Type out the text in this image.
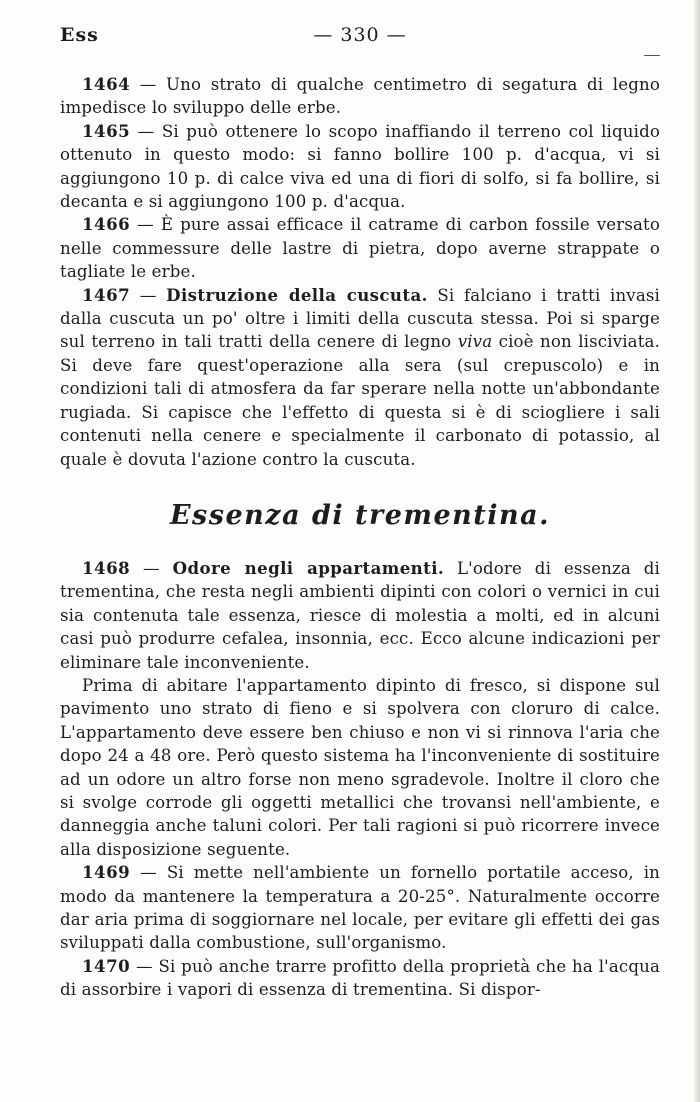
— 330 —
Ess

1464 — Uno strato di qualche centimetro di segatura di legno impedisce lo sviluppo delle erbe.

1465 — Si può ottenere lo scopo inaffiando il terreno col liquido ottenuto in questo modo: si fanno bollire 100 p. d'acqua, vi si aggiungono 10 p. di calce viva ed una di fiori di solfo, si fa bollire, si decanta e si aggiungono 100 p. d'acqua.

1466 — È pure assai efficace il catrame di carbon fossile versato nelle commessure delle lastre di pietra, dopo averne strappate o tagliate le erbe.

1467 — Distruzione della cuscuta. Si falciano i tratti invasi dalla cuscuta un po' oltre i limiti della cuscuta stessa. Poi si sparge sul terreno in tali tratti della cenere di legno viva cioè non lisciviata. Si deve fare quest'operazione alla sera (sul crepuscolo) e in condizioni tali di atmosfera da far sperare nella notte un'abbondante rugiada. Si capisce che l'effetto di questa si è di sciogliere i sali contenuti nella cenere e specialmente il carbonato di potassio, al quale è dovuta l'azione contro la cuscuta.

Essenza di trementina.

1468 — Odore negli appartamenti. L'odore di essenza di trementina, che resta negli ambienti dipinti con colori o vernici in cui sia contenuta tale essenza, riesce di molestia a molti, ed in alcuni casi può produrre cefalea, insonnia, ecc. Ecco alcune indicazioni per eliminare tale inconveniente.

Prima di abitare l'appartamento dipinto di fresco, si dispone sul pavimento uno strato di fieno e si spolvera con cloruro di calce. L'appartamento deve essere ben chiuso e non vi si rinnova l'aria che dopo 24 a 48 ore. Però questo sistema ha l'inconveniente di sostituire ad un odore un altro forse non meno sgradevole. Inoltre il cloro che si svolge corrode gli oggetti metallici che trovansi nell'ambiente, e danneggia anche taluni colori. Per tali ragioni si può ricorrere invece alla disposizione seguente.

1469 — Si mette nell'ambiente un fornello portatile acceso, in modo da mantenere la temperatura a 20-25°. Naturalmente occorre dar aria prima di soggiornare nel locale, per evitare gli effetti dei gas sviluppati dalla combustione, sull'organismo.

1470 — Si può anche trarre profitto della proprietà che ha l'acqua di assorbire i vapori di essenza di trementina. Si dispor-
